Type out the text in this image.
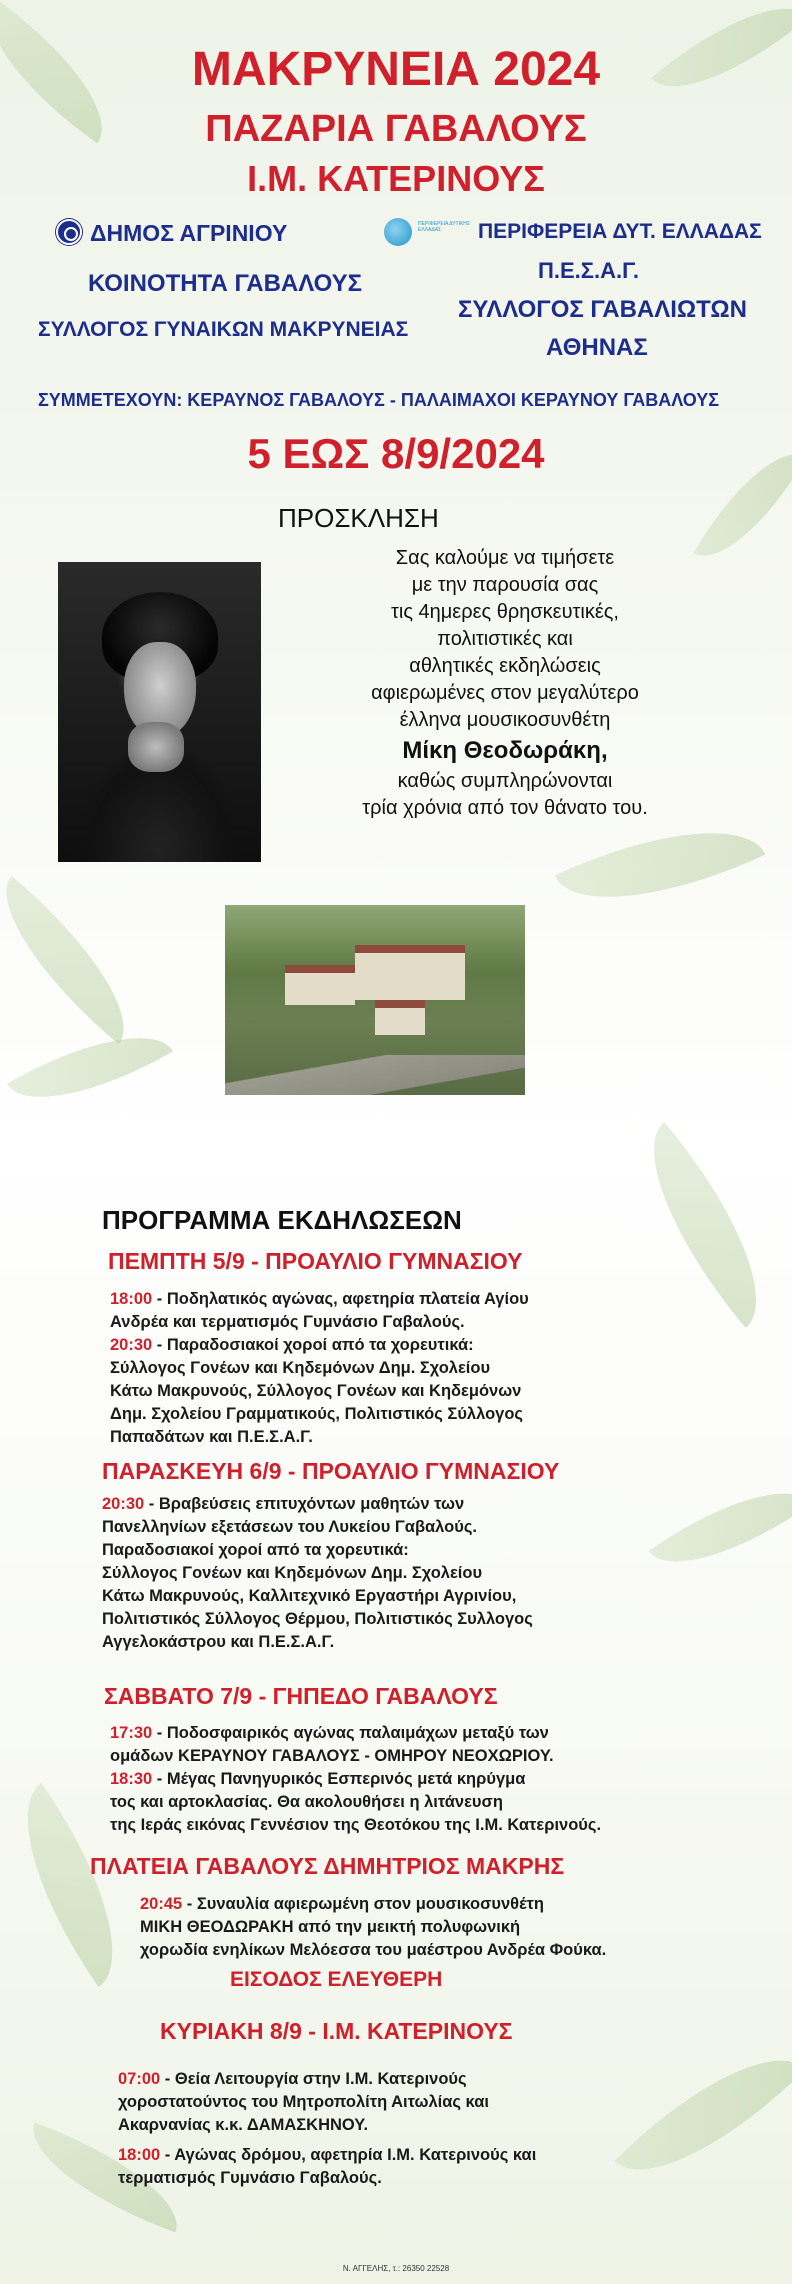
ΜΑΚΡΥΝΕΙΑ 2024
ΠΑΖΑΡΙΑ ΓΑΒΑΛΟΥΣ
Ι.Μ. ΚΑΤΕΡΙΝΟΥΣ
ΔΗΜΟΣ ΑΓΡΙΝΙΟΥ
ΚΟΙΝΟΤΗΤΑ ΓΑΒΑΛΟΥΣ
ΣΥΛΛΟΓΟΣ ΓΥΝΑΙΚΩΝ ΜΑΚΡΥΝΕΙΑΣ
ΠΕΡΙΦΕΡΕΙΑ ΔΥΤΙΚΗΣ ΕΛΛΑΔΑΣ	ΠΕΡΙΦΕΡΕΙΑ ΔΥΤ. ΕΛΛΑΔΑΣ
Π.Ε.Σ.Α.Γ.
ΣΥΛΛΟΓΟΣ ΓΑΒΑΛΙΩΤΩΝ
ΑΘΗΝΑΣ
ΣΥΜΜΕΤΕΧΟΥΝ: ΚΕΡΑΥΝΟΣ ΓΑΒΑΛΟΥΣ - ΠΑΛΑΙΜΑΧΟΙ ΚΕΡΑΥΝΟΥ ΓΑΒΑΛΟΥΣ
5 ΕΩΣ 8/9/2024
ΠΡΟΣΚΛΗΣΗ
Σας καλούμε να τιμήσετε
με την παρουσία σας
τις 4ημερες θρησκευτικές,
πολιτιστικές και
αθλητικές εκδηλώσεις
αφιερωμένες στον μεγαλύτερο
έλληνα μουσικοσυνθέτη
Μίκη Θεοδωράκη,
καθώς συμπληρώνονται
τρία χρόνια από τον θάνατο του.
ΠΡΟΓΡΑΜΜΑ ΕΚΔΗΛΩΣΕΩΝ
ΠΕΜΠΤΗ 5/9 - ΠΡΟΑΥΛΙΟ ΓΥΜΝΑΣΙΟΥ
18:00 - Ποδηλατικός αγώνας, αφετηρία πλατεία Αγίου
Ανδρέα και τερματισμός Γυμνάσιο Γαβαλούς.
20:30 - Παραδοσιακοί χοροί από τα χορευτικά:
Σύλλογος Γονέων και Κηδεμόνων Δημ. Σχολείου
Κάτω Μακρυνούς, Σύλλογος Γονέων και Κηδεμόνων
Δημ. Σχολείου Γραμματικούς, Πολιτιστικός Σύλλογος
Παπαδάτων και Π.Ε.Σ.Α.Γ.
ΠΑΡΑΣΚΕΥΗ 6/9 - ΠΡΟΑΥΛΙΟ ΓΥΜΝΑΣΙΟΥ
20:30 - Βραβεύσεις επιτυχόντων μαθητών των
Πανελληνίων εξετάσεων του Λυκείου Γαβαλούς.
Παραδοσιακοί χοροί από τα χορευτικά:
Σύλλογος Γονέων και Κηδεμόνων Δημ. Σχολείου
Κάτω Μακρυνούς, Καλλιτεχνικό Εργαστήρι Αγρινίου,
Πολιτιστικός Σύλλογος Θέρμου, Πολιτιστικός Συλλογος
Αγγελοκάστρου και Π.Ε.Σ.Α.Γ.
ΣΑΒΒΑΤΟ 7/9 - ΓΗΠΕΔΟ ΓΑΒΑΛΟΥΣ
17:30 - Ποδοσφαιρικός αγώνας παλαιμάχων μεταξύ των
ομάδων ΚΕΡΑΥΝΟΥ ΓΑΒΑΛΟΥΣ - ΟΜΗΡΟΥ ΝΕΟΧΩΡΙΟΥ.
18:30 - Μέγας Πανηγυρικός Εσπερινός μετά κηρύγμα
τος και αρτοκλασίας. Θα ακολουθήσει η λιτάνευση
της Ιεράς εικόνας Γεννέσιον της Θεοτόκου της Ι.Μ. Κατερινούς.
ΠΛΑΤΕΙΑ ΓΑΒΑΛΟΥΣ ΔΗΜΗΤΡΙΟΣ ΜΑΚΡΗΣ
20:45 - Συναυλία αφιερωμένη στον μουσικοσυνθέτη
ΜΙΚΗ ΘΕΟΔΩΡΑΚΗ από την μεικτή πολυφωνική
χορωδία ενηλίκων Μελόεσσα του μαέστρου Ανδρέα Φούκα.
ΕΙΣΟΔΟΣ ΕΛΕΥΘΕΡΗ
ΚΥΡΙΑΚΗ 8/9 - Ι.Μ. ΚΑΤΕΡΙΝΟΥΣ
07:00 - Θεία Λειτουργία στην Ι.Μ. Κατερινούς
χοροστατούντος του Μητροπολίτη Αιτωλίας και
Ακαρνανίας κ.κ. ΔΑΜΑΣΚΗΝΟΥ.
18:00 - Αγώνας δρόμου, αφετηρία Ι.Μ. Κατερινούς και
τερματισμός Γυμνάσιο Γαβαλούς.
Ν. ΑΓΓΕΛΗΣ, τ.: 26350 22528
